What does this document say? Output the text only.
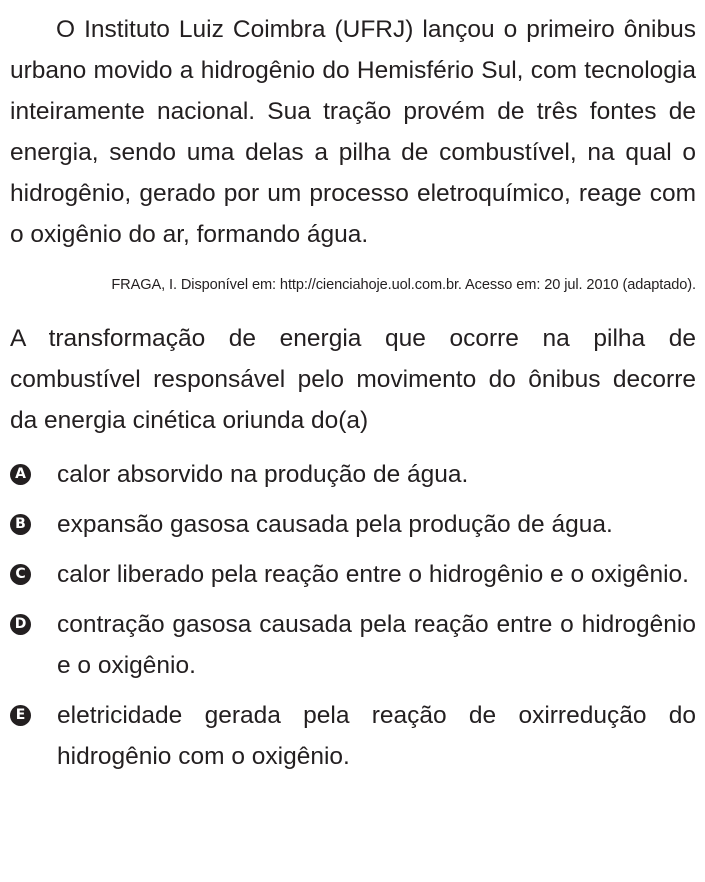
O Instituto Luiz Coimbra (UFRJ) lançou o primeiro ônibus urbano movido a hidrogênio do Hemisfério Sul, com tecnologia inteiramente nacional. Sua tração provém de três fontes de energia, sendo uma delas a pilha de combustível, na qual o hidrogênio, gerado por um processo eletroquímico, reage com o oxigênio do ar, formando água.

FRAGA, I. Disponível em: http://cienciahoje.uol.com.br. Acesso em: 20 jul. 2010 (adaptado).

A transformação de energia que ocorre na pilha de combustível responsável pelo movimento do ônibus decorre da energia cinética oriunda do(a)

A calor absorvido na produção de água.

B expansão gasosa causada pela produção de água.

C calor liberado pela reação entre o hidrogênio e o oxigênio.

D contração gasosa causada pela reação entre o hidrogênio e o oxigênio.

E eletricidade gerada pela reação de oxirredução do hidrogênio com o oxigênio.
